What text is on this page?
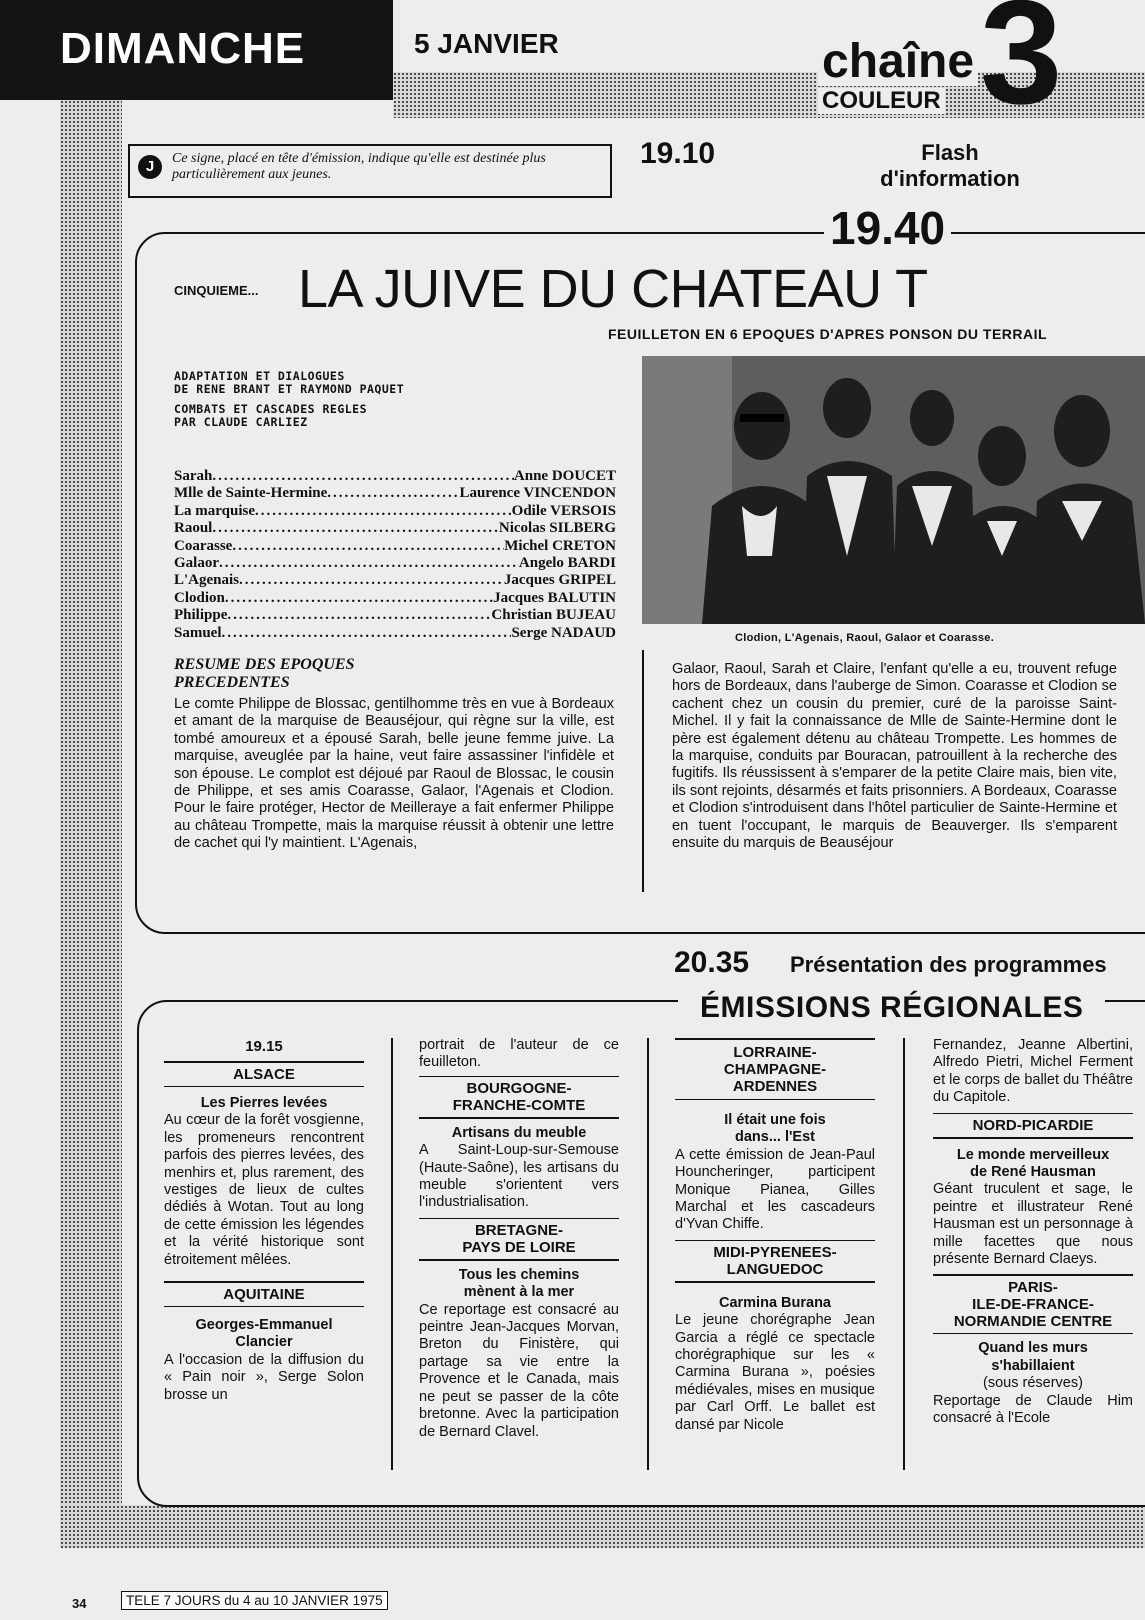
DIMANCHE	5 JANVIER	3
chaîne
COULEUR
J	Ce signe, placé en tête d'émission, indique qu'elle est destinée plus particulièrement aux jeunes.
19.10	Flash
d'information
19.40
CINQUIEME... LA JUIVE DU CHATEAU T
FEUILLETON EN 6 EPOQUES D'APRES PONSON DU TERRAIL
ADAPTATION ET DIALOGUES
DE RENE BRANT ET RAYMOND PAQUET
COMBATS ET CASCADES REGLES
PAR CLAUDE CARLIEZ
Sarah .....	Anne DOUCET
Mlle de Sainte-Hermine .....	Laurence VINCENDON
La marquise .....	Odile VERSOIS
Raoul .....	Nicolas SILBERG
Coarasse .....	Michel CRETON
Galaor .....	Angelo BARDI
L'Agenais .....	Jacques GRIPEL
Clodion .....	Jacques BALUTIN
Philippe .....	Christian BUJEAU
Samuel .....	Serge NADAUD	Clodion, L'Agenais, Raoul, Galaor et Coarasse.
RESUME DES EPOQUES
PRECEDENTES
Le comte Philippe de Blossac, gentilhomme très en vue à Bordeaux et amant de la marquise de Beauséjour, qui règne sur la ville, est tombé amoureux et a épousé Sarah, belle jeune femme juive. La marquise, aveuglée par la haine, veut faire assassiner l'infidèle et son épouse. Le complot est déjoué par Raoul de Blossac, le cousin de Philippe, et ses amis Coarasse, Galaor, l'Agenais et Clodion. Pour le faire protéger, Hector de Meilleraye a fait enfermer Philippe au château Trompette, mais la marquise réussit à obtenir une lettre de cachet qui l'y maintient. L'Agenais,
Galaor, Raoul, Sarah et Claire, l'enfant qu'elle a eu, trouvent refuge hors de Bordeaux, dans l'auberge de Simon. Coarasse et Clodion se cachent chez un cousin du premier, curé de la paroisse Saint-Michel. Il y fait la connaissance de Mlle de Sainte-Hermine dont le père est également détenu au château Trompette. Les hommes de la marquise, conduits par Bouracan, patrouillent à la recherche des fugitifs. Ils réussissent à s'emparer de la petite Claire mais, bien vite, ils sont rejoints, désarmés et faits prisonniers. A Bordeaux, Coarasse et Clodion s'introduisent dans l'hôtel particulier de Sainte-Hermine et en tuent l'occupant, le marquis de Beauverger. Ils s'emparent ensuite du marquis de Beauséjour
20.35 Présentation des programmes
ÉMISSIONS RÉGIONALES
19.15
ALSACE
Les Pierres levées
Au cœur de la forêt vosgienne, les promeneurs rencontrent parfois des pierres levées, des menhirs et, plus rarement, des vestiges de lieux de cultes dédiés à Wotan. Tout au long de cette émission les légendes et la vérité historique sont étroitement mêlées.
AQUITAINE
Georges-Emmanuel
Clancier
A l'occasion de la diffusion du « Pain noir », Serge Solon brosse un
portrait de l'auteur de ce feuilleton.
BOURGOGNE-
FRANCHE-COMTE
Artisans du meuble
A Saint-Loup-sur-Semouse (Haute-Saône), les artisans du meuble s'orientent vers l'industrialisation.
BRETAGNE-
PAYS DE LOIRE
Tous les chemins
mènent à la mer
Ce reportage est consacré au peintre Jean-Jacques Morvan, Breton du Finistère, qui partage sa vie entre la Provence et le Canada, mais ne peut se passer de la côte bretonne. Avec la participation de Bernard Clavel.
LORRAINE-
CHAMPAGNE-
ARDENNES
Il était une fois
dans... l'Est
A cette émission de Jean-Paul Houncheringer, participent Monique Pianea, Gilles Marchal et les cascadeurs d'Yvan Chiffe.
MIDI-PYRENEES-
LANGUEDOC
Carmina Burana
Le jeune chorégraphe Jean Garcia a réglé ce spectacle chorégraphique sur les « Carmina Burana », poésies médiévales, mises en musique par Carl Orff. Le ballet est dansé par Nicole
Fernandez, Jeanne Albertini, Alfredo Pietri, Michel Ferment et le corps de ballet du Théâtre du Capitole.
NORD-PICARDIE
Le monde merveilleux
de René Hausman
Géant truculent et sage, le peintre et illustrateur René Hausman est un personnage à mille facettes que nous présente Bernard Claeys.
PARIS-
ILE-DE-FRANCE-
NORMANDIE CENTRE
Quand les murs
s'habillaient
(sous réserves)
Reportage de Claude Him consacré à l'Ecole
34	TELE 7 JOURS du 4 au 10 JANVIER 1975
